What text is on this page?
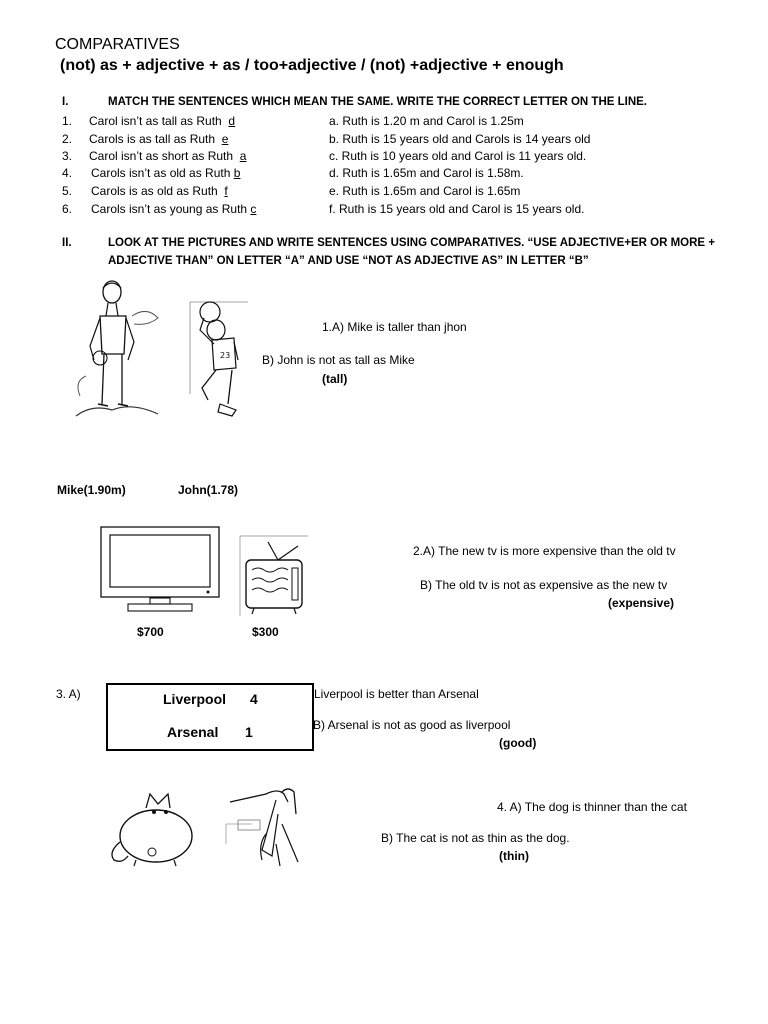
COMPARATIVES
(not) as + adjective + as / too+adjective / (not) +adjective + enough
I.	MATCH THE SENTENCES WHICH MEAN THE SAME. WRITE THE CORRECT LETTER ON THE LINE.
1. Carol isn’t as tall as Ruth d	a. Ruth is 1.20 m and Carol is 1.25m
2. Carols is as tall as Ruth e	b. Ruth is 15 years old and Carols is 14 years old
3. Carol isn’t as short as Ruth a	c. Ruth is 10 years old and Carol is 11 years old.
4. Carols isn’t as old as Ruth b	d. Ruth is 1.65m and Carol is 1.58m.
5. Carols is as old as Ruth f	e. Ruth is 1.65m and Carol is 1.65m
6. Carols isn’t as young as Ruth c	f. Ruth is 15 years old and Carol is 15 years old.
II.	LOOK AT THE PICTURES AND WRITE SENTENCES USING COMPARATIVES. “USE ADJECTIVE+ER OR MORE +
ADJECTIVE THAN” ON LETTER “A” AND USE “NOT AS ADJECTIVE AS” IN LETTER “B”
23
1.A) Mike is taller than jhon
B) John is not as tall as Mike
(tall)
Mike(1.90m)	John(1.78)
$700	$300
2.A) The new tv is more expensive than the old tv
B) The old tv is not as expensive as the new tv
(expensive)
3. A)	Liverpool 4
Arsenal 1
Liverpool is better than Arsenal
B) Arsenal is not as good as liverpool
(good)
4. A) The dog is thinner than the cat
B) The cat is not as thin as the dog.
(thin)
